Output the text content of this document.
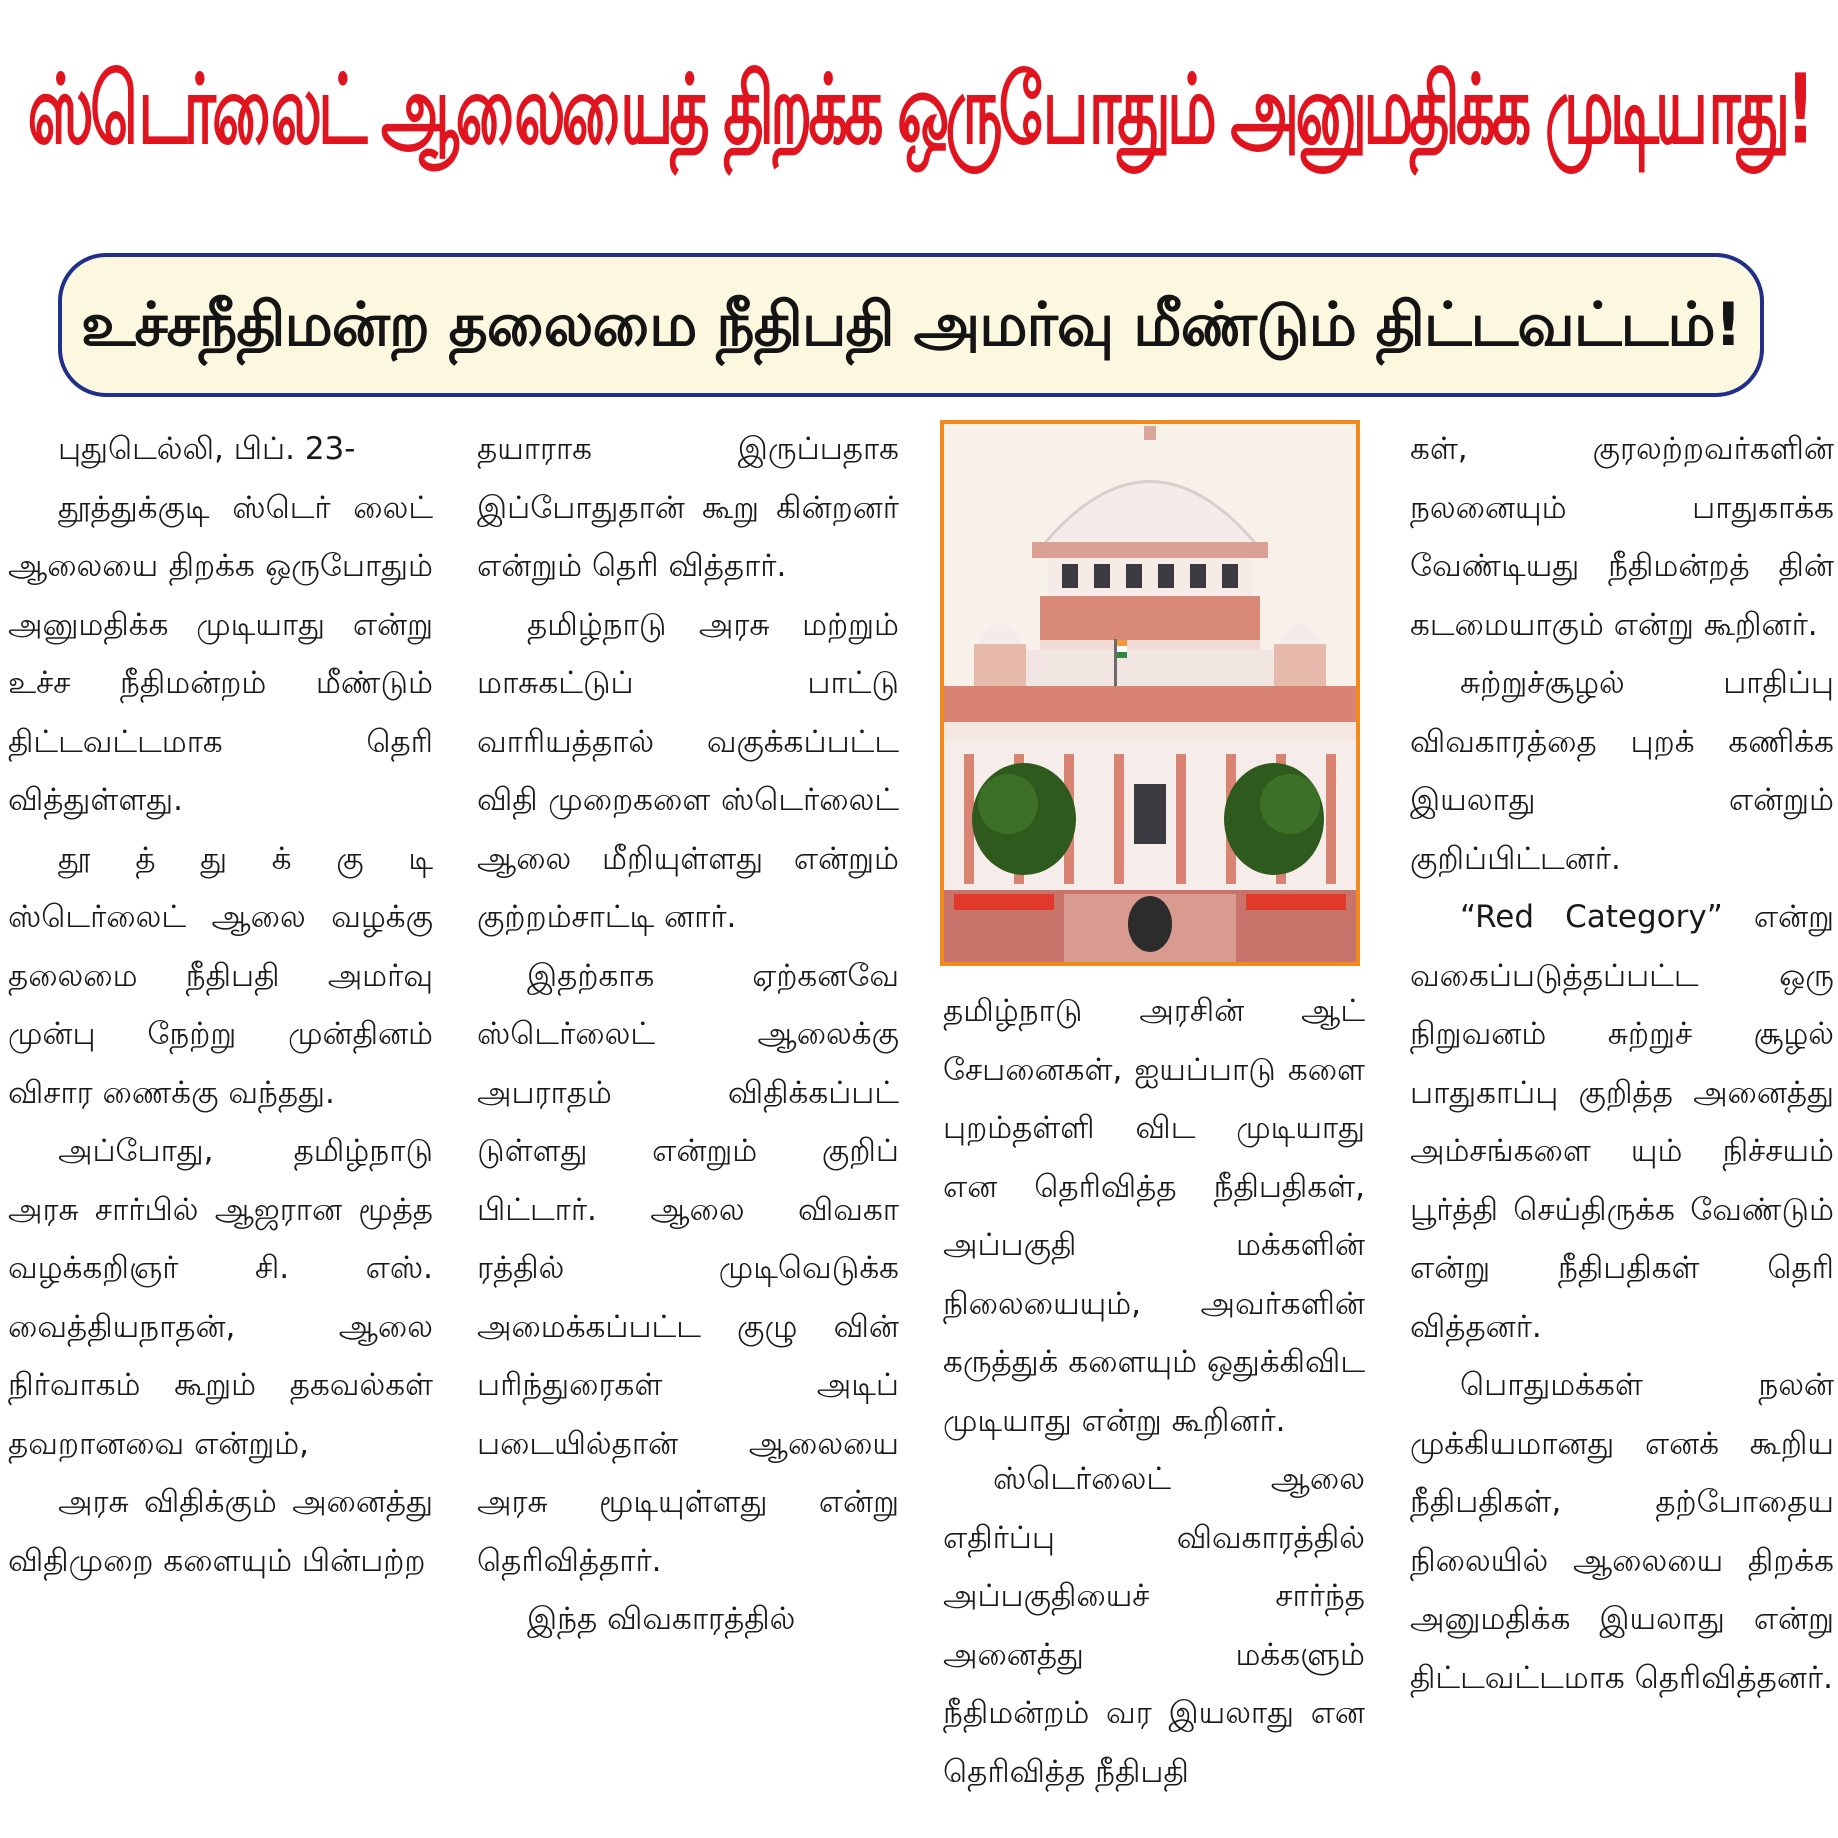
ஸ்டெர்லைட் ஆலையைத் திறக்க ஒருபோதும் அனுமதிக்க முடியாது!
உச்சநீதிமன்ற தலைமை நீதிபதி அமர்வு மீண்டும் திட்டவட்டம்!

புதுடெல்லி, பிப். 23-

தூத்துக்குடி ஸ்டெர் லைட் ஆலையை திறக்க ஒருபோதும் அனுமதிக்க முடியாது என்று உச்ச நீதிமன்றம் மீண்டும் திட்டவட்டமாக தெரி வித்துள்ளது.

தூ த் து க் கு டி ஸ்டெர்லைட் ஆலை வழக்கு தலைமை நீதிபதி அமர்வு முன்பு நேற்று முன்தினம் விசார ணைக்கு வந்தது.

அப்போது, தமிழ்நாடு அரசு சார்பில் ஆஜரான மூத்த வழக்கறிஞர் சி. எஸ். வைத்தியநாதன், ஆலை நிர்வாகம் கூறும் தகவல்கள் தவறானவை என்றும்,

அரசு விதிக்கும் அனைத்து விதிமுறை களையும் பின்பற்ற

தயாராக இருப்பதாக இப்போதுதான் கூறு கின்றனர் என்றும் தெரி வித்தார்.

தமிழ்நாடு அரசு மற்றும் மாசுகட்டுப் பாட்டு வாரியத்தால் வகுக்கப்பட்ட விதி முறைகளை ஸ்டெர்லைட் ஆலை மீறியுள்ளது என்றும் குற்றம்சாட்டி னார்.

இதற்காக ஏற்கனவே ஸ்டெர்லைட் ஆலைக்கு அபராதம் விதிக்கப்பட் டுள்ளது என்றும் குறிப் பிட்டார். ஆலை விவகா ரத்தில் முடிவெடுக்க அமைக்கப்பட்ட குழு வின் பரிந்துரைகள் அடிப் படையில்தான் ஆலையை அரசு மூடியுள்ளது என்று தெரிவித்தார்.

இந்த விவகாரத்தில்

தமிழ்நாடு அரசின் ஆட் சேபனைகள், ஐயப்பாடு களை புறம்தள்ளி விட முடியாது என தெரிவித்த நீதிபதிகள், அப்பகுதி மக்களின் நிலையையும், அவர்களின் கருத்துக் களையும் ஒதுக்கிவிட முடியாது என்று கூறினர்.

ஸ்டெர்லைட் ஆலை எதிர்ப்பு விவகாரத்தில் அப்பகுதியைச் சார்ந்த அனைத்து மக்களும் நீதிமன்றம் வர இயலாது என தெரிவித்த நீதிபதி

கள், குரலற்றவர்களின் நலனையும் பாதுகாக்க வேண்டியது நீதிமன்றத் தின் கடமையாகும் என்று கூறினர்.

சுற்றுச்சூழல் பாதிப்பு விவகாரத்தை புறக் கணிக்க இயலாது என்றும் குறிப்பிட்டனர்.

“Red Category” என்று வகைப்படுத்தப்பட்ட ஒரு நிறுவனம் சுற்றுச் சூழல் பாதுகாப்பு குறித்த அனைத்து அம்சங்களை யும் நிச்சயம் பூர்த்தி செய்திருக்க வேண்டும் என்று நீதிபதிகள் தெரி வித்தனர்.

பொதுமக்கள் நலன் முக்கியமானது எனக் கூறிய நீதிபதிகள், தற்போதைய நிலையில் ஆலையை திறக்க அனுமதிக்க இயலாது என்று திட்டவட்டமாக தெரிவித்தனர்.
